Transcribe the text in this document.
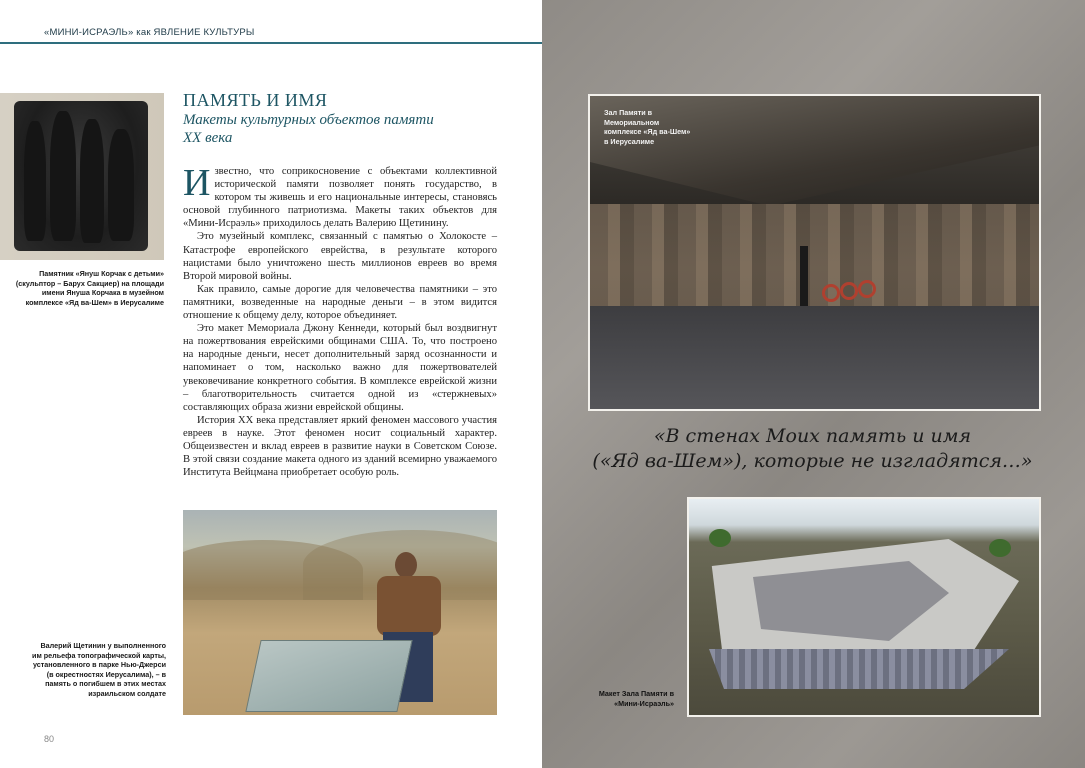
«МИНИ-ИСРАЭЛЬ» как ЯВЛЕНИЕ КУЛЬТУРЫ
Памятник «Януш Корчак с детьми» (скульптор – Барух Сакциер) на площади имени Януша Корчака в музейном комплексе «Яд ва-Шем» в Иерусалиме
ПАМЯТЬ И ИМЯ
Макеты культурных объектов памяти XX века

Известно, что соприкосновение с объектами коллективной исторической памяти позволяет понять государство, в котором ты живешь и его национальные интересы, становясь основой глубинного патриотизма. Макеты таких объектов для «Мини-Исраэль» приходилось делать Валерию Щетинину.

Это музейный комплекс, связанный с памятью о Холокосте – Катастрофе европейского еврейства, в результате которого нацистами было уничтожено шесть миллионов евреев во время Второй мировой войны.

Как правило, самые дорогие для человечества памятники – это памятники, возведенные на народные деньги – в этом видится отношение к общему делу, которое объединяет.

Это макет Мемориала Джону Кеннеди, который был воздвигнут на пожертвования еврейскими общинами США. То, что построено на народные деньги, несет дополнительный заряд осознанности и напоминает о том, насколько важно для пожертвователей увековечивание конкретного события. В комплексе еврейской жизни – благотворительность считается одной из «стержневых» составляющих образа жизни еврейской общины.

История XX века представляет яркий феномен массового участия евреев в науке. Этот феномен носит социальный характер. Общеизвестен и вклад евреев в развитие науки в Советском Союзе. В этой связи создание макета одного из зданий всемирно уважаемого Института Вейцмана приобретает особую роль.

Валерий Щетинин у выполненного им рельефа топографической карты, установленного в парке Нью-Джерси (в окрестностях Иерусалима), – в память о погибшем в этих местах израильском солдате
80
Зал Памяти в Мемориальном комплексе «Яд ва-Шем» в Иерусалиме
«В стенах Моих память и имя
(«Яд ва-Шем»), которые не изгладятся…»
Макет Зала Памяти в «Мини-Исраэль»
